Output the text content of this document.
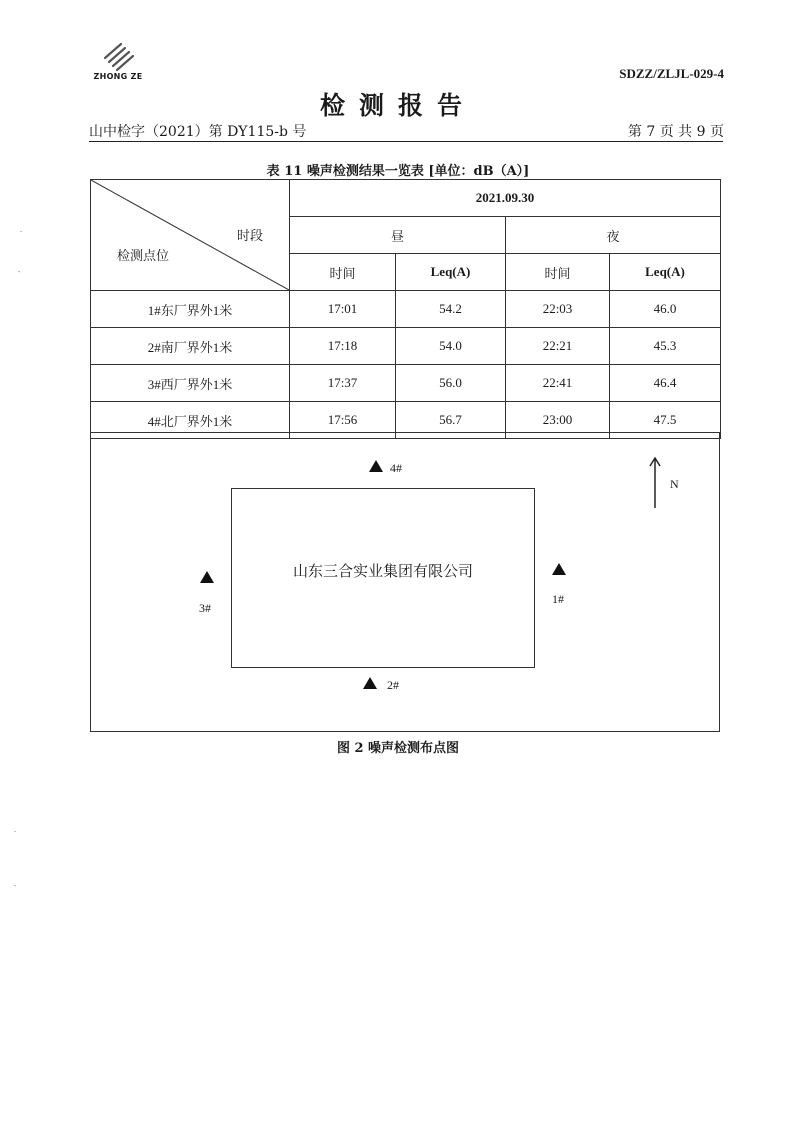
ZHONG ZE	SDZZ/ZLJL-029-4
检测报告
山中检字（2021）第 DY115-b 号	第 7 页 共 9 页
表 11 噪声检测结果一览表 [单位：dB（A）]
时段
检测点位	2021.09.30			
	昼		夜	
	时间	Leq(A)	时间	Leq(A)
1#东厂界外1米	17:01	54.2	22:03	46.0
2#南厂界外1米	17:18	54.0	22:21	45.3
3#西厂界外1米	17:37	56.0	22:41	46.4
4#北厂界外1米	17:56	56.7	23:00	47.5
山东三合实业集团有限公司
4#
3#
1#
2#
N
图 2 噪声检测布点图
·
-
·
-
